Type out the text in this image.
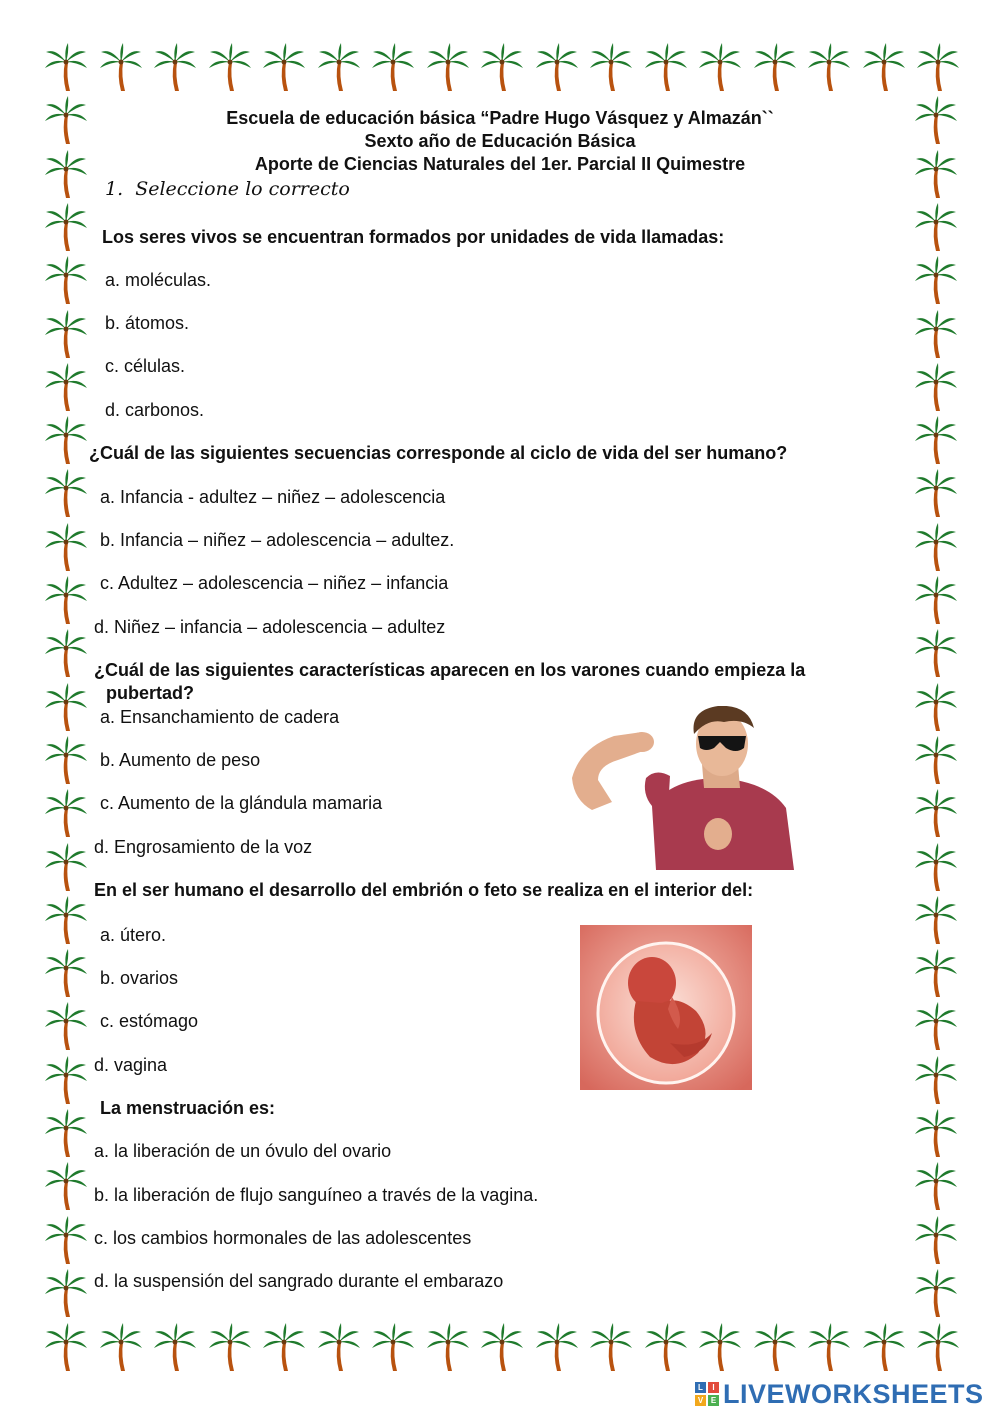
Escuela de educación básica “Padre Hugo Vásquez y Almazán``
Sexto año de Educación Básica
Aporte de Ciencias Naturales del 1er. Parcial II Quimestre
1. Seleccione lo correcto
Los seres vivos se encuentran formados por unidades de vida llamadas:
a. moléculas.
b. átomos.
c. células.
d. carbonos.
¿Cuál de las siguientes secuencias corresponde al ciclo de vida del ser humano?
a. Infancia - adultez – niñez – adolescencia
b. Infancia – niñez – adolescencia – adultez.
c. Adultez – adolescencia – niñez – infancia
d. Niñez – infancia – adolescencia – adultez
¿Cuál de las siguientes características aparecen en los varones cuando empieza la
pubertad?
a. Ensanchamiento de cadera
b. Aumento de peso
c. Aumento de la glándula mamaria
d. Engrosamiento de la voz
En el ser humano el desarrollo del embrión o feto se realiza en el interior del:
a. útero.
b. ovarios
c. estómago
d. vagina
La menstruación es:
a. la liberación de un óvulo del ovario
b. la liberación de flujo sanguíneo a través de la vagina.
c. los cambios hormonales de las adolescentes
d. la suspensión del sangrado durante el embarazo
L	I
V E LIVEWORKSHEETS
